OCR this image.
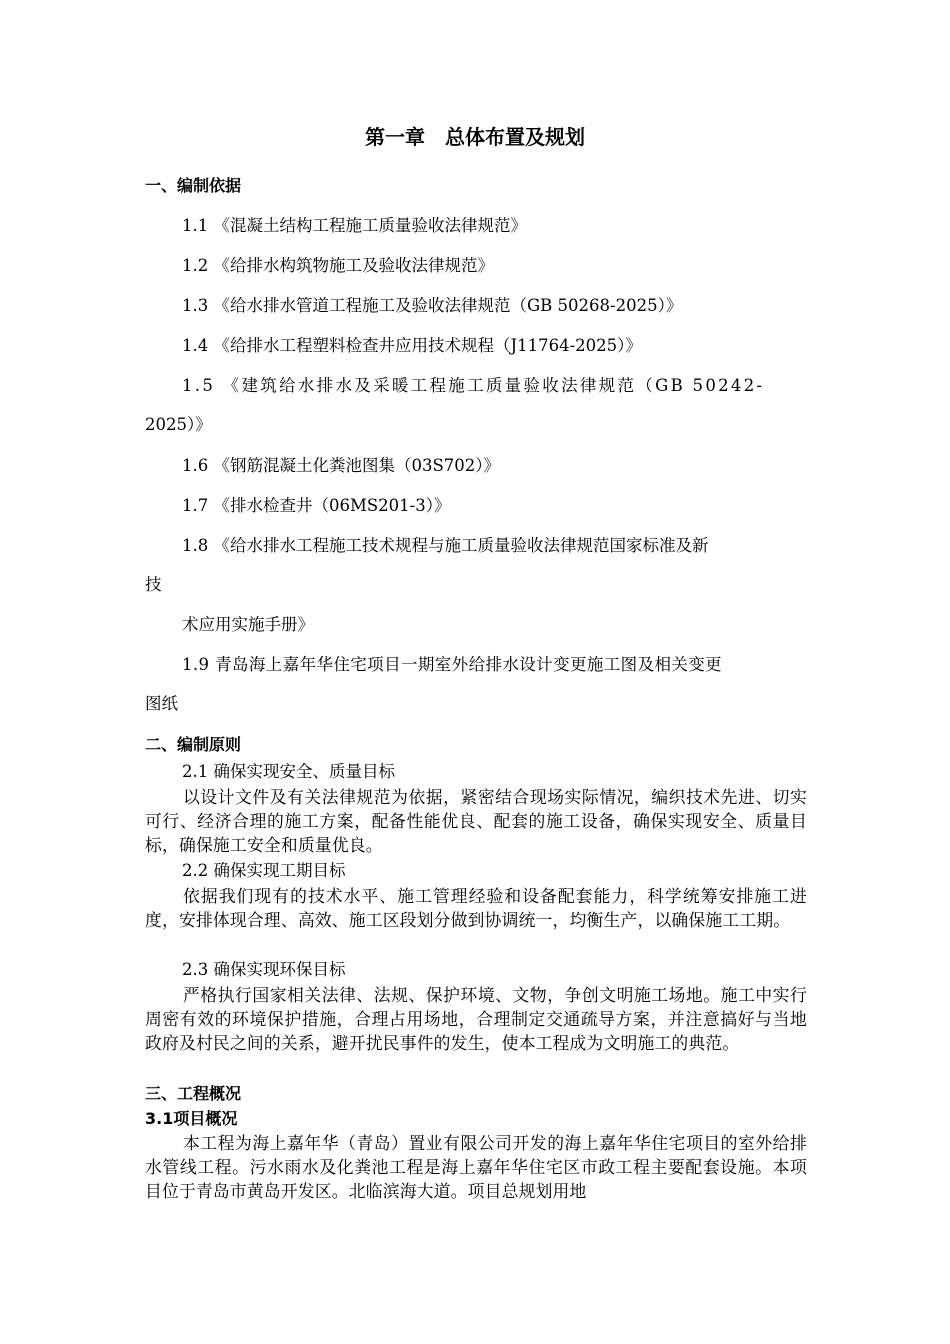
第一章　总体布置及规划
一、编制依据
1.1 《混凝土结构工程施工质量验收法律规范》
1.2 《给排水构筑物施工及验收法律规范》
1.3 《给水排水管道工程施工及验收法律规范（GB 50268-2025）》
1.4 《给排水工程塑料检查井应用技术规程（J11764-2025）》
1.5 《建筑给水排水及采暖工程施工质量验收法律规范（GB 50242-
2025）》
1.6 《钢筋混凝土化粪池图集（03S702）》
1.7 《排水检查井（06MS201-3）》
1.8 《给水排水工程施工技术规程与施工质量验收法律规范国家标准及新
技
术应用实施手册》
1.9 青岛海上嘉年华住宅项目一期室外给排水设计变更施工图及相关变更
图纸
二、编制原则
2.1 确保实现安全、质量目标
以设计文件及有关法律规范为依据，紧密结合现场实际情况，编织技术先进、切实可行、经济合理的施工方案，配备性能优良、配套的施工设备，确保实现安全、质量目标，确保施工安全和质量优良。
2.2 确保实现工期目标
依据我们现有的技术水平、施工管理经验和设备配套能力，科学统筹安排施工进度，安排体现合理、高效、施工区段划分做到协调统一，均衡生产，以确保施工工期。
2.3 确保实现环保目标
严格执行国家相关法律、法规、保护环境、文物，争创文明施工场地。施工中实行周密有效的环境保护措施，合理占用场地，合理制定交通疏导方案，并注意搞好与当地政府及村民之间的关系，避开扰民事件的发生，使本工程成为文明施工的典范。
三、工程概况
3.1项目概况
本工程为海上嘉年华（青岛）置业有限公司开发的海上嘉年华住宅项目的室外给排水管线工程。污水雨水及化粪池工程是海上嘉年华住宅区市政工程主要配套设施。本项目位于青岛市黄岛开发区。北临滨海大道。项目总规划用地
